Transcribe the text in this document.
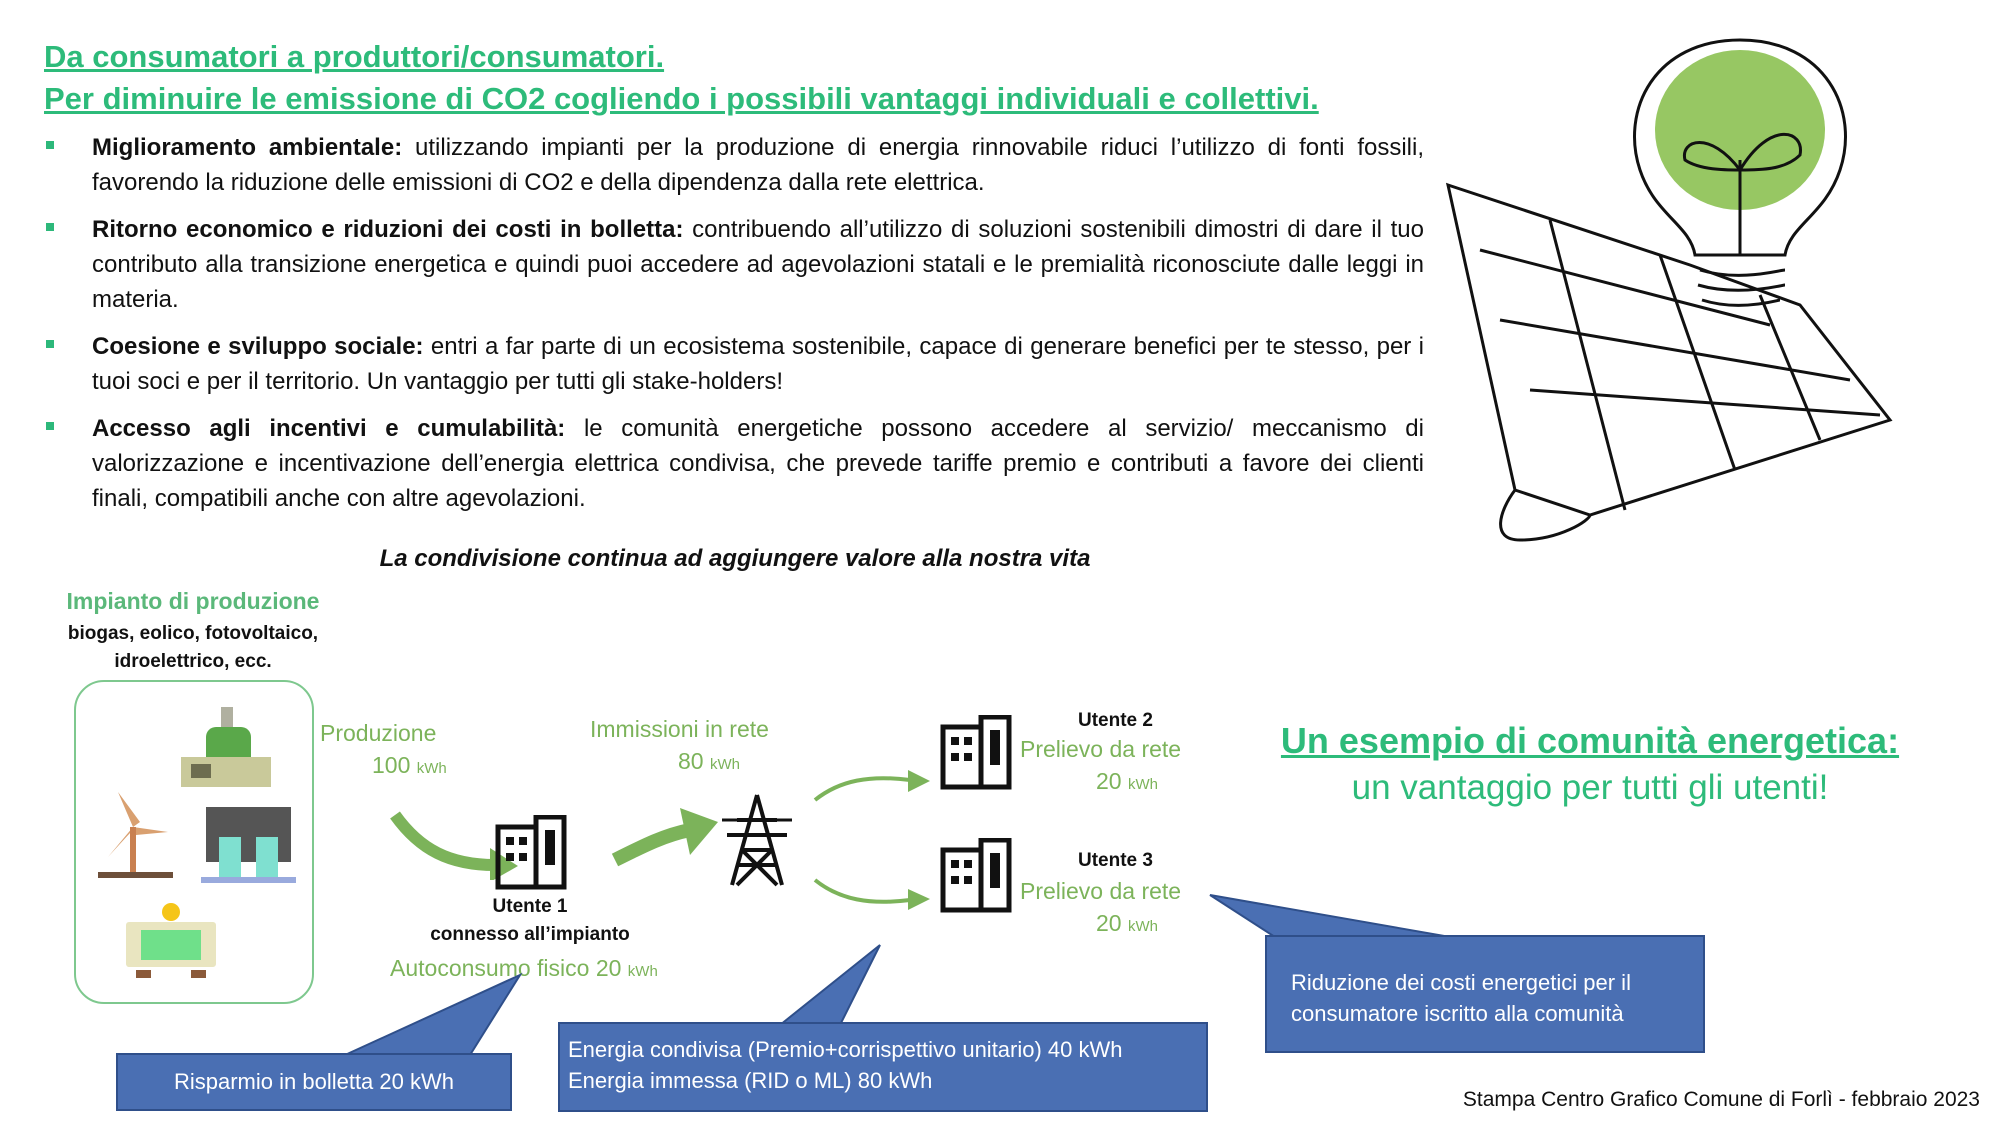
Da consumatori a produttori/consumatori.
Per diminuire le emissione di CO2 cogliendo i possibili vantaggi individuali e collettivi.
Miglioramento ambientale: utilizzando impianti per la produzione di energia rinnovabile riduci l’utilizzo di fonti fossili, favorendo la riduzione delle emissioni di CO2 e della dipendenza dalla rete elettrica.
Ritorno economico e riduzioni dei costi in bolletta: contribuendo all’utilizzo di soluzioni sostenibili dimostri di dare il tuo contributo alla transizione energetica e quindi puoi accedere ad agevolazioni statali e le premialità riconosciute dalle leggi in materia.
Coesione e sviluppo sociale: entri a far parte di un ecosistema sostenibile, capace di generare benefici per te stesso, per i tuoi soci e per il territorio. Un vantaggio per tutti gli stake-holders!
Accesso agli incentivi e cumulabilità: le comunità energetiche possono accedere al servizio/ meccanismo di valorizzazione e incentivazione dell’energia elettrica condivisa, che prevede tariffe premio e contributi a favore dei clienti finali, compatibili anche con altre agevolazioni.
La condivisione continua ad aggiungere valore alla nostra vita
Impianto di produzione
biogas, eolico, fotovoltaico,
idroelettrico, ecc.
Produzione
100 kWh
Utente 1
connesso all’impianto
Autoconsumo fisico 20 kWh
Immissioni in rete
80 kWh
Utente 2
Prelievo da rete
20 kWh
Utente 3
Prelievo da rete
20 kWh
Un esempio di comunità energetica:
un vantaggio per tutti gli utenti!
Risparmio in bolletta 20 kWh
Energia condivisa (Premio+corrispettivo unitario) 40 kWh
Energia immessa (RID o ML) 80 kWh
Riduzione dei costi energetici per il
consumatore iscritto alla comunità
Stampa Centro Grafico Comune di Forlì - febbraio 2023
